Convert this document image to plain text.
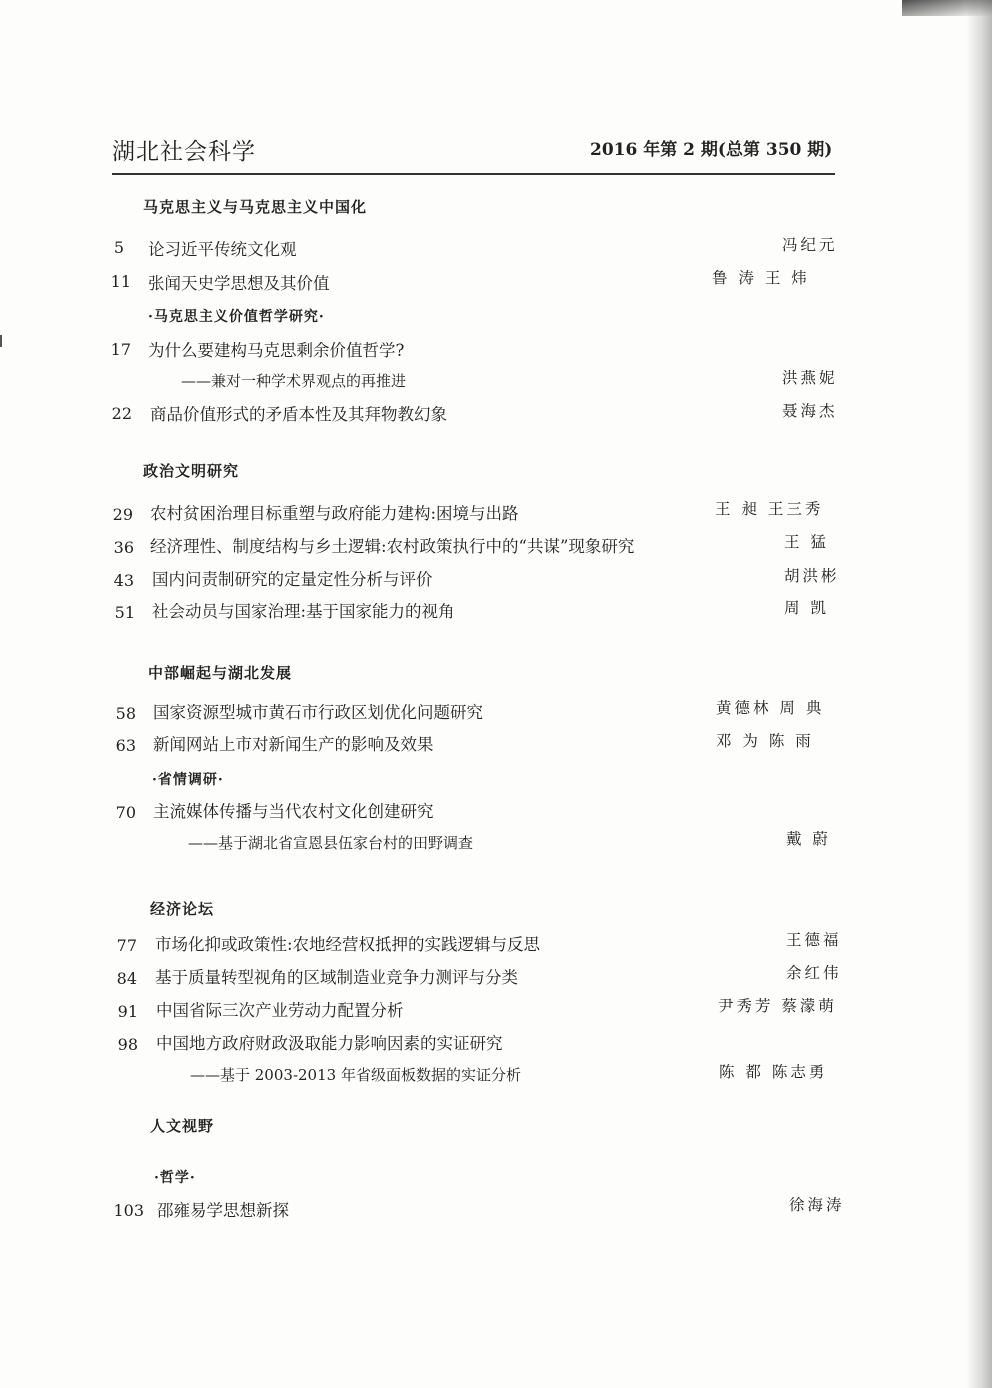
湖北社会科学	2016 年第 2 期(总第 350 期)
马克思主义与马克思主义中国化
5 论习近平传统文化观	冯纪元
11 张闻天史学思想及其价值	鲁 涛 王 炜
·马克思主义价值哲学研究·
17 为什么要建构马克思剩余价值哲学?
——兼对一种学术界观点的再推进	洪燕妮
22 商品价值形式的矛盾本性及其拜物教幻象	聂海杰
政治文明研究
29 农村贫困治理目标重塑与政府能力建构:困境与出路	王 昶 王三秀
36 经济理性、制度结构与乡土逻辑:农村政策执行中的“共谋”现象研究	王 猛
43 国内问责制研究的定量定性分析与评价	胡洪彬
51 社会动员与国家治理:基于国家能力的视角	周 凯
中部崛起与湖北发展
58 国家资源型城市黄石市行政区划优化问题研究	黄德林 周 典
63 新闻网站上市对新闻生产的影响及效果	邓 为 陈 雨
·省情调研·
70 主流媒体传播与当代农村文化创建研究
——基于湖北省宣恩县伍家台村的田野调查	戴 蔚
经济论坛
77 市场化抑或政策性:农地经营权抵押的实践逻辑与反思	王德福
84 基于质量转型视角的区域制造业竞争力测评与分类	余红伟
91 中国省际三次产业劳动力配置分析	尹秀芳 蔡濛萌
98 中国地方政府财政汲取能力影响因素的实证研究
——基于 2003-2013 年省级面板数据的实证分析	陈 都 陈志勇
人文视野
·哲学·
103 邵雍易学思想新探	徐海涛
